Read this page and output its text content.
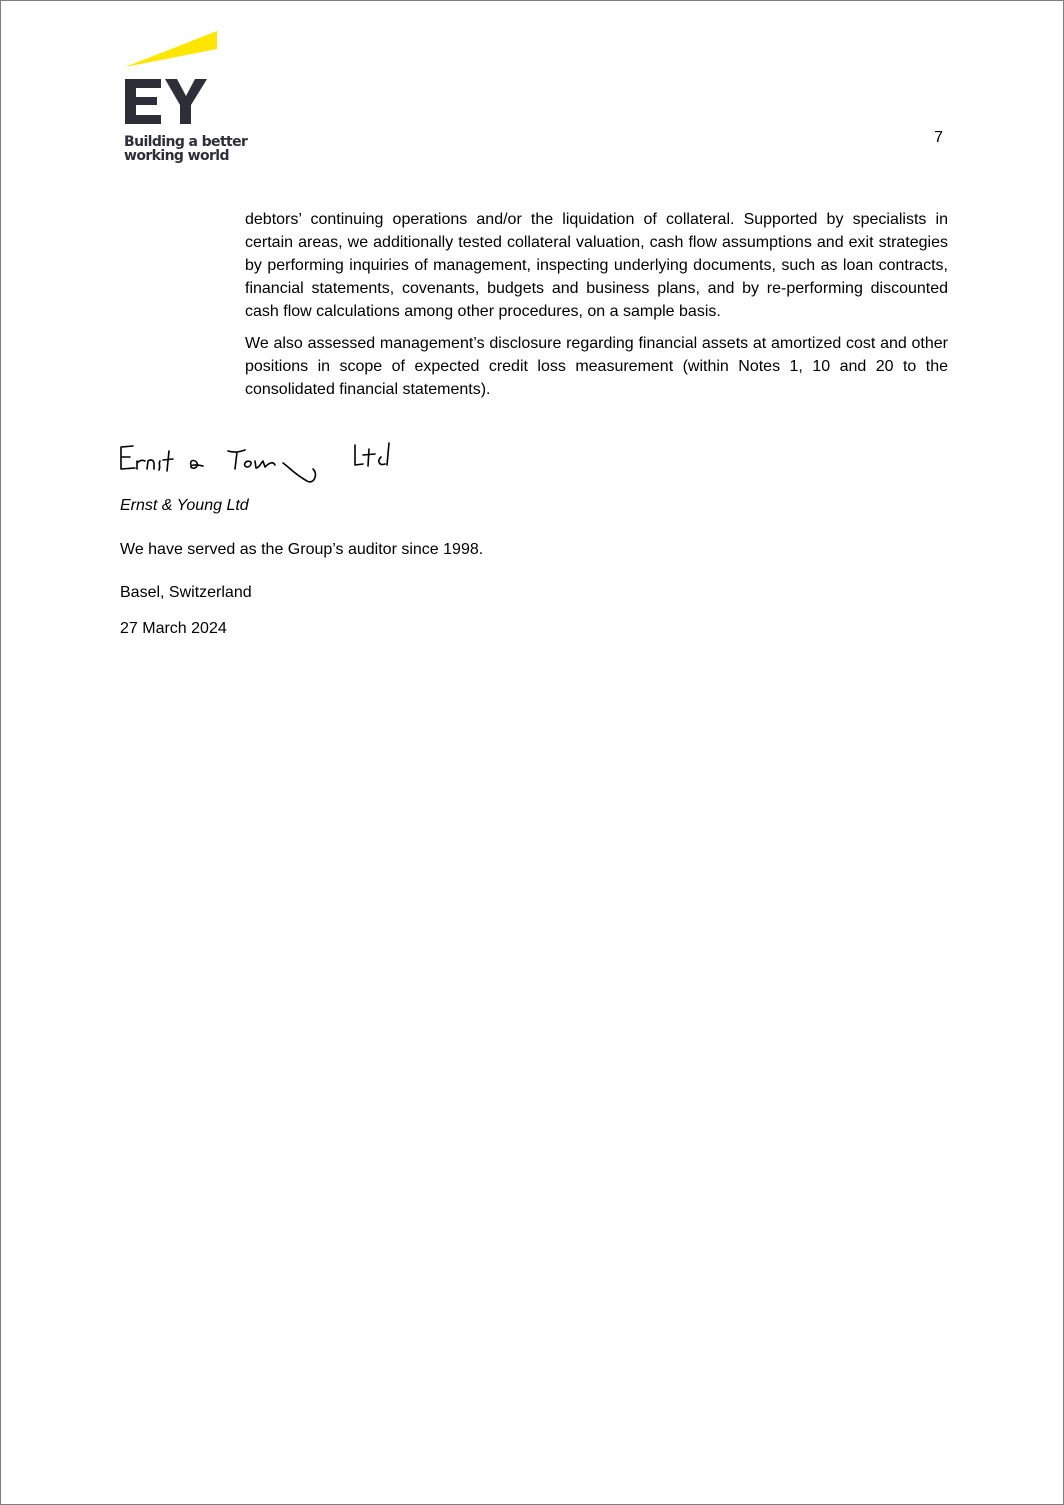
Building a better
working world
7

debtors’ continuing operations and/or the liquidation of collateral. Supported by specialists in certain areas, we additionally tested collateral valuation, cash flow assumptions and exit strategies by performing inquiries of management, inspecting underlying documents, such as loan contracts, financial statements, covenants, budgets and business plans, and by re-performing discounted cash flow calculations among other procedures, on a sample basis.

We also assessed management’s disclosure regarding financial assets at amortized cost and other positions in scope of expected credit loss measurement (within Notes 1, 10 and 20 to the consolidated financial statements).

Ernst & Young Ltd
We have served as the Group’s auditor since 1998.
Basel, Switzerland
27 March 2024
